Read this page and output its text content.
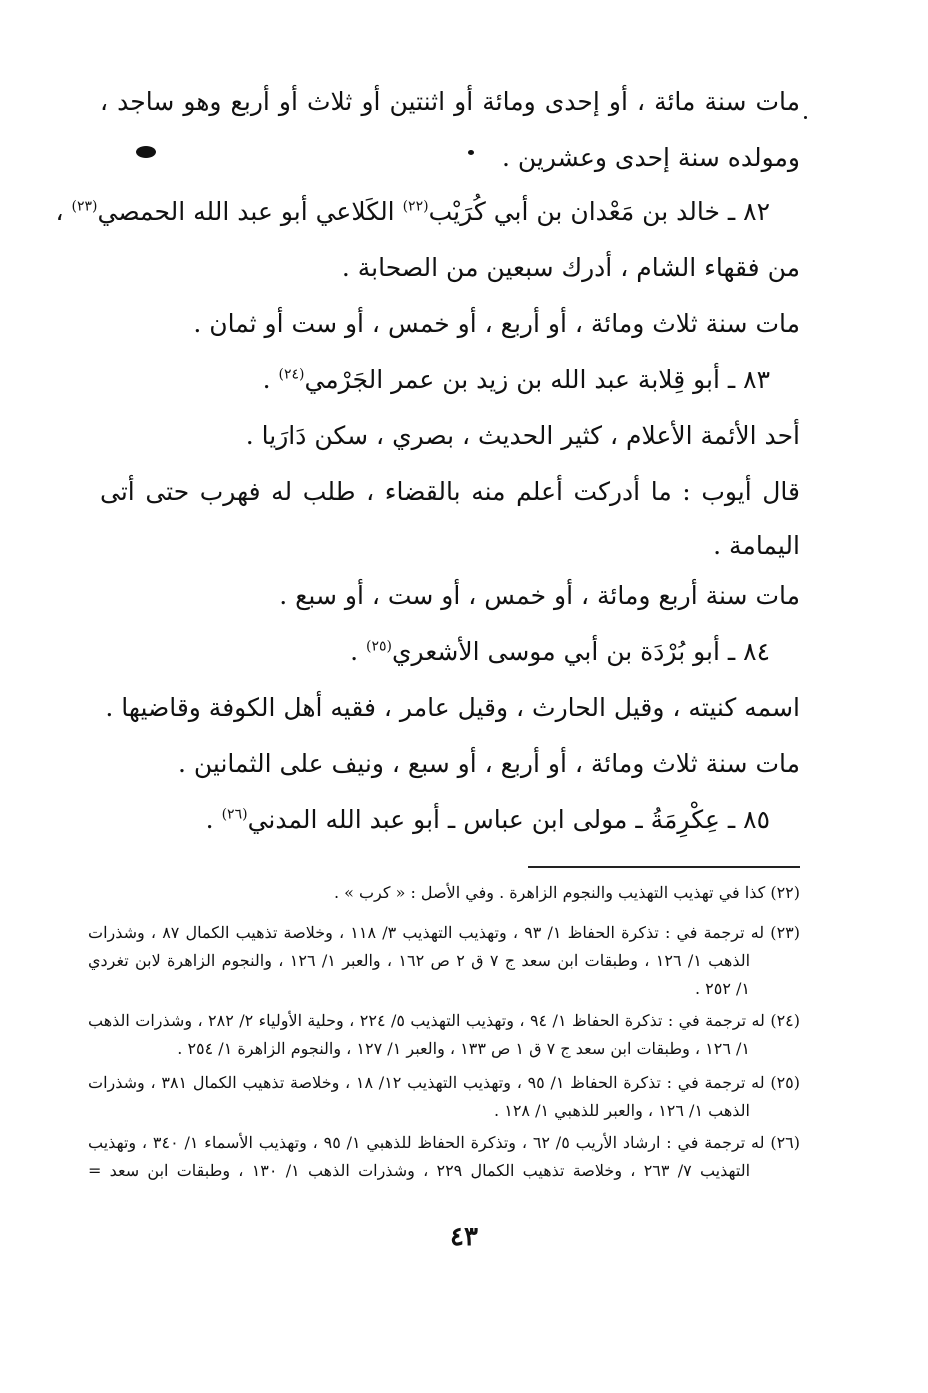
مات سنة مائة ، أو إحدى ومائة أو اثنتين أو ثلاث أو أربع وهو ساجد ،
ومولده سنة إحدى وعشرين .
٨٢ ـ خالد بن مَعْدان بن أبي كُرَيْب$^{(٢٢)}$ الكَلاعي أبو عبد الله الحمصي$^{(٢٣)}$ ،
من فقهاء الشام ، أدرك سبعين من الصحابة .
مات سنة ثلاث ومائة ، أو أربع ، أو خمس ، أو ست أو ثمان .
٨٣ ـ أبو قِلابة عبد الله بن زيد بن عمر الجَرْمي$^{(٢٤)}$ .
أحد الأئمة الأعلام ، كثير الحديث ، بصري ، سكن دَارَيا .
قال أيوب : ما أدركت أعلم منه بالقضاء ، طلب له فهرب حتى أتى
اليمامة .
مات سنة أربع ومائة ، أو خمس ، أو ست ، أو سبع .
٨٤ ـ أبو بُرْدَة بن أبي موسى الأشعري$^{(٢٥)}$ .
اسمه كنيته ، وقيل الحارث ، وقيل عامر ، فقيه أهل الكوفة وقاضيها .
مات سنة ثلاث ومائة ، أو أربع ، أو سبع ، ونيف على الثمانين .
٨٥ ـ عِكْرِمَةُ ـ مولى ابن عباس ـ أبو عبد الله المدني$^{(٢٦)}$ .
(٢٢) كذا في تهذيب التهذيب والنجوم الزاهرة . وفي الأصل : « كرب » .
(٢٣) له ترجمة في : تذكرة الحفاظ ١/ ٩٣ ، وتهذيب التهذيب ٣/ ١١٨ ، وخلاصة تذهيب الكمال ٨٧ ، وشذرات
الذهب ١/ ١٢٦ ، وطبقات ابن سعد ج ٧ ق ٢ ص ١٦٢ ، والعبر ١/ ١٢٦ ، والنجوم الزاهرة لابن تغردي
١/ ٢٥٢ .
(٢٤) له ترجمة في : تذكرة الحفاظ ١/ ٩٤ ، وتهذيب التهذيب ٥/ ٢٢٤ ، وحلية الأولياء ٢/ ٢٨٢ ، وشذرات الذهب
١/ ١٢٦ ، وطبقات ابن سعد ج ٧ ق ١ ص ١٣٣ ، والعبر ١/ ١٢٧ ، والنجوم الزاهرة ١/ ٢٥٤ .
(٢٥) له ترجمة في : تذكرة الحفاظ ١/ ٩٥ ، وتهذيب التهذيب ١٢/ ١٨ ، وخلاصة تذهيب الكمال ٣٨١ ، وشذرات
الذهب ١/ ١٢٦ ، والعبر للذهبي ١/ ١٢٨ .
(٢٦) له ترجمة في : ارشاد الأريب ٥/ ٦٢ ، وتذكرة الحفاظ للذهبي ١/ ٩٥ ، وتهذيب الأسماء ١/ ٣٤٠ ، وتهذيب
التهذيب ٧/ ٢٦٣ ، وخلاصة تذهيب الكمال ٢٢٩ ، وشذرات الذهب ١/ ١٣٠ ، وطبقات ابن سعد =
٤٣
